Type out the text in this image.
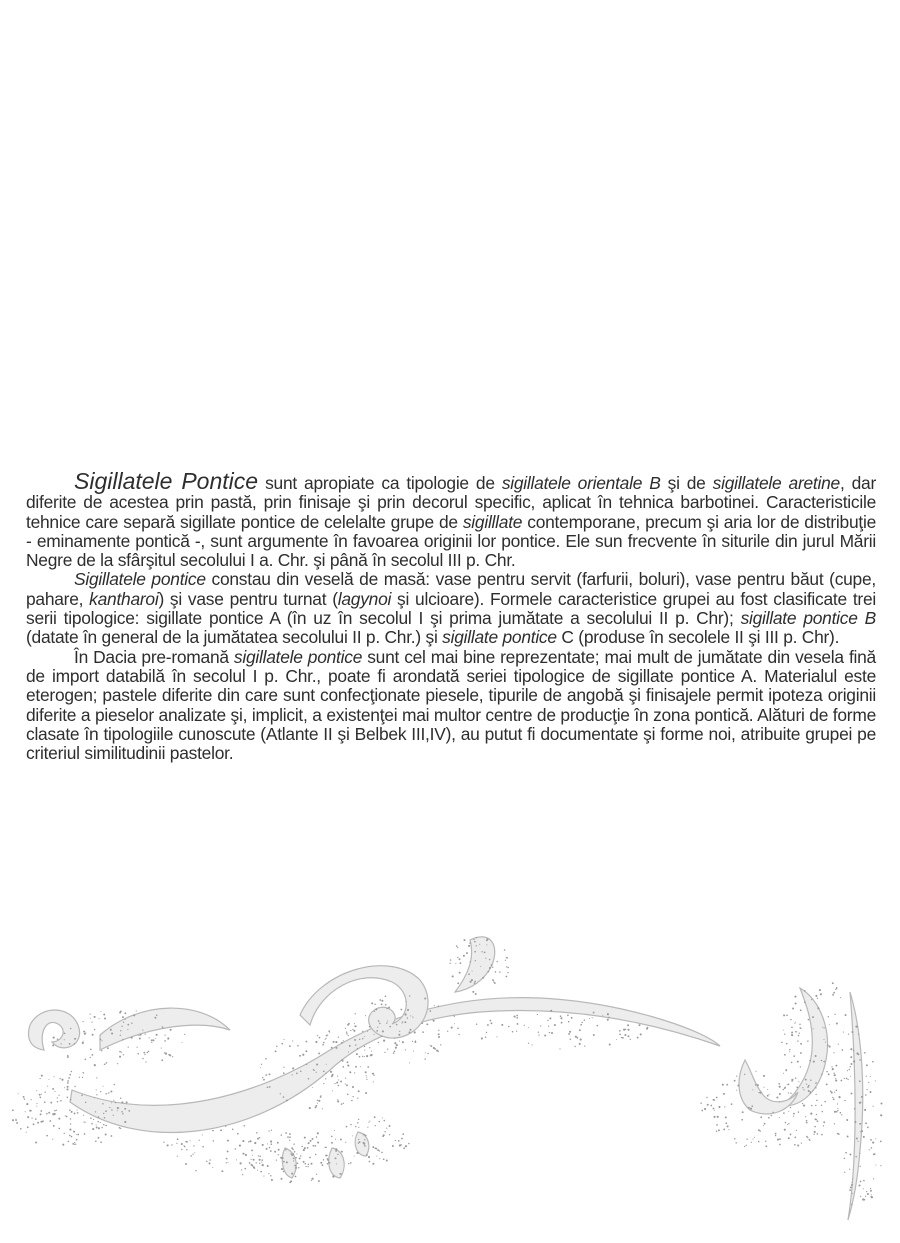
Sigillatele Pontice sunt apropiate ca tipologie de sigillatele orientale B şi de sigillatele aretine, dar diferite de acestea prin pastă, prin finisaje şi prin decorul specific, aplicat în tehnica barbotinei. Caracteristicile tehnice care separă sigillate pontice de celelalte grupe de sigilllate contemporane, precum şi aria lor de distribuţie - eminamente pontică -, sunt argumente în favoarea originii lor pontice. Ele sun frecvente în siturile din jurul Mării Negre de la sfârşitul secolului I a. Chr. şi până în secolul III p. Chr.

Sigillatele pontice constau din veselă de masă: vase pentru servit (farfurii, boluri), vase pentru băut (cupe, pahare, kantharoi) şi vase pentru turnat (lagynoi şi ulcioare). Formele caracteristice grupei au fost clasificate trei serii tipologice: sigillate pontice A (în uz în secolul I şi prima jumătate a secolului II p. Chr); sigillate pontice B (datate în general de la jumătatea secolului II p. Chr.) şi sigillate pontice C (produse în secolele II şi III p. Chr).

În Dacia pre-romană sigillatele pontice sunt cel mai bine reprezentate; mai mult de jumătate din vesela fină de import databilă în secolul I p. Chr., poate fi arondată seriei tipologice de sigillate pontice A. Materialul este eterogen; pastele diferite din care sunt confecţionate piesele, tipurile de angobă şi finisajele permit ipoteza originii diferite a pieselor analizate şi, implicit, a existenţei mai multor centre de producţie în zona pontică. Alături de forme clasate în tipologiile cunoscute (Atlante II şi Belbek III,IV), au putut fi documentate şi forme noi, atribuite grupei pe criteriul similitudinii pastelor.
